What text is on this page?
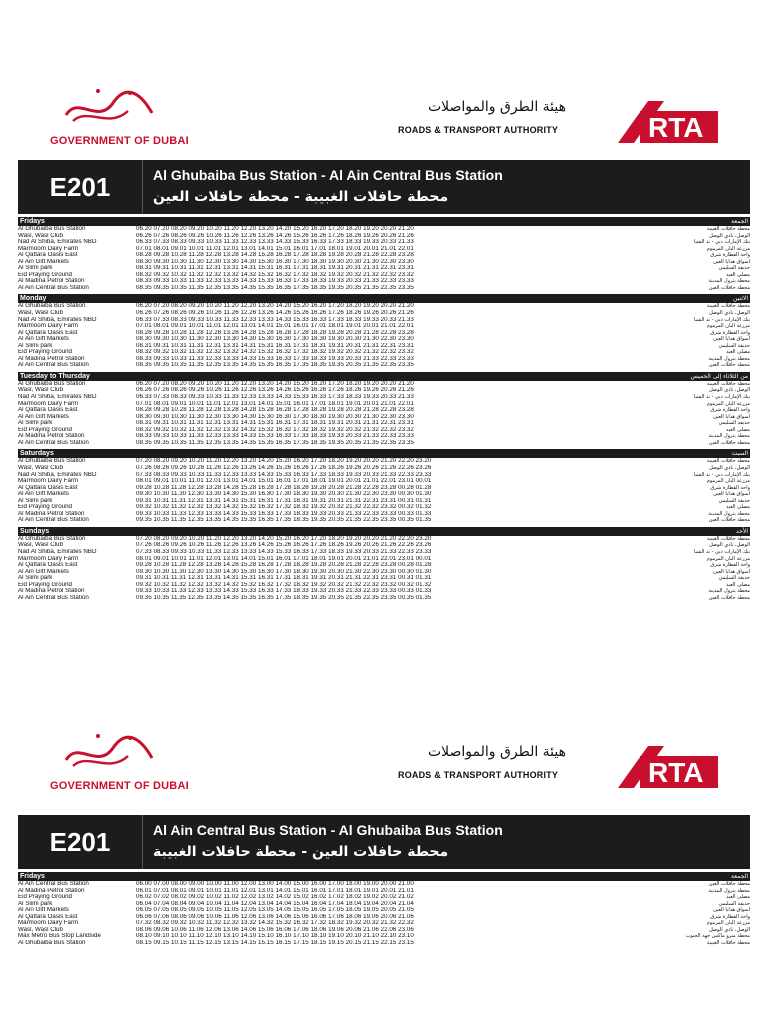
GOVERNMENT OF DUBAI
هيئة الطرق والمواصلات
ROADS & TRANSPORT AUTHORITY	RTA
E201	Al Ghubaiba Bus Station - Al Ain Central Bus Station
محطة حافلات الغبيبة - محطة حافلات العين
Fridays	الجمعة
Al Ghubaiba Bus Station	06.20 07.20 08.20 09.20 10.20 11.20 12.20 13.20 14.20 15.20 16.20 17.20 18.20 19.20 20.20 21.20	محطة حافلات الغبيبة
Wasl, Wasl Club	06.26 07.26 08.26 09.26 10.26 11.26 12.26 13.26 14.26 15.26 16.26 17.26 18.26 19.26 20.26 21.26	الوصل، نادي الوصل
Nad Al Shiba, Emirates NBD	06.33 07.33 08.33 09.33 10.33 11.33 12.33 13.33 14.33 15.33 16.33 17.33 18.33 19.33 20.33 21.33	بنك الإمارات دبي - ند الشبا
Marmoom Dairy Farm	07.01 08.01 09.01 10.01 11.01 12.01 13.01 14.01 15.01 16.01 17.01 18.01 19.01 20.01 21.01 22.01	مزرعة ألبان المرموم
Al Qattara Oasis East	08.28 09.28 10.28 11.28 12.28 13.28 14.28 15.28 16.28 17.28 18.28 19.28 20.28 21.28 22.28 23.28	واحة القطارة شرق
Al Ain Gift Markets	08.30 09.30 10.30 11.30 12.30 13.30 14.30 15.30 16.30 17.30 18.30 19.30 20.30 21.30 22.30 23.30	أسواق هدايا العين
Al Slimi park	08.31 09.31 10.31 11.31 12.31 13.31 14.31 15.31 16.31 17.31 18.31 19.31 20.31 21.31 22.31 23.31	حديقة السليمي
Eid Praying Ground	08.32 09.32 10.32 11.32 12.32 13.32 14.32 15.32 16.32 17.32 18.32 19.32 20.32 21.32 22.32 23.32	مصلى العيد
Al Madina Petrol Station	08.33 09.33 10.33 11.33 12.33 13.33 14.33 15.33 16.33 17.33 18.33 19.33 20.33 21.33 22.33 23.33	محطة بترول المدينة
Al Ain Central Bus Station	08.35 09.35 10.35 11.35 12.35 13.35 14.35 15.35 16.35 17.35 18.35 19.35 20.35 21.35 22.35 23.35	محطة حافلات العين
Monday	الاثنين
Al Ghubaiba Bus Station	06.20 07.20 08.20 09.20 10.20 11.20 12.20 13.20 14.20 15.20 16.20 17.20 18.20 19.20 20.20 21.20	محطة حافلات الغبيبة
Wasl, Wasl Club	06.26 07.26 08.26 09.26 10.26 11.26 12.26 13.26 14.26 15.26 16.26 17.26 18.26 19.26 20.26 21.26	الوصل، نادي الوصل
Nad Al Shiba, Emirates NBD	06.33 07.33 08.33 09.33 10.33 11.33 12.33 13.33 14.33 15.33 16.33 17.33 18.33 19.33 20.33 21.33	بنك الإمارات دبي - ند الشبا
Marmoom Dairy Farm	07.01 08.01 09.01 10.01 11.01 12.01 13.01 14.01 15.01 16.01 17.01 18.01 19.01 20.01 21.01 22.01	مزرعة ألبان المرموم
Al Qattara Oasis East	08.28 09.28 10.28 11.28 12.28 13.28 14.28 15.28 16.28 17.28 18.28 19.28 20.28 21.28 22.28 23.28	واحة القطارة شرق
Al Ain Gift Markets	08.30 09.30 10.30 11.30 12.30 13.30 14.30 15.30 16.30 17.30 18.30 19.30 20.30 21.30 22.30 23.30	أسواق هدايا العين
Al Slimi park	08.31 09.31 10.31 11.31 12.31 13.31 14.31 15.31 16.31 17.31 18.31 19.31 20.31 21.31 22.31 23.31	حديقة السليمي
Eid Praying Ground	08.32 09.32 10.32 11.32 12.32 13.32 14.32 15.32 16.32 17.32 18.32 19.32 20.32 21.32 22.32 23.32	مصلى العيد
Al Madina Petrol Station	08.33 09.33 10.33 11.33 12.33 13.33 14.33 15.33 16.33 17.33 18.33 19.33 20.33 21.33 22.33 23.33	محطة بترول المدينة
Al Ain Central Bus Station	08.35 09.35 10.35 11.35 12.35 13.35 14.35 15.35 16.35 17.35 18.35 19.35 20.35 21.35 22.35 23.35	محطة حافلات العين
Tuesday to Thursday	من الثلاثاء إلى الخميس
Al Ghubaiba Bus Station	06.20 07.20 08.20 09.20 10.20 11.20 12.20 13.20 14.20 15.20 16.20 17.20 18.20 19.20 20.20 21.20	محطة حافلات الغبيبة
Wasl, Wasl Club	06.26 07.26 08.26 09.26 10.26 11.26 12.26 13.26 14.26 15.26 16.26 17.26 18.26 19.26 20.26 21.26	الوصل، نادي الوصل
Nad Al Shiba, Emirates NBD	06.33 07.33 08.33 09.33 10.33 11.33 12.33 13.33 14.33 15.33 16.33 17.33 18.33 19.33 20.33 21.33	بنك الإمارات دبي - ند الشبا
Marmoom Dairy Farm	07.01 08.01 09.01 10.01 11.01 12.01 13.01 14.01 15.01 16.01 17.01 18.01 19.01 20.01 21.01 22.01	مزرعة ألبان المرموم
Al Qattara Oasis East	08.28 09.28 10.28 11.28 12.28 13.28 14.28 15.28 16.28 17.28 18.28 19.28 20.28 21.28 22.28 23.28	واحة القطارة شرق
Al Ain Gift Markets	08.30 09.30 10.30 11.30 12.30 13.30 14.30 15.30 16.30 17.30 18.30 19.30 20.30 21.30 22.30 23.30	أسواق هدايا العين
Al Slimi park	08.31 09.31 10.31 11.31 12.31 13.31 14.31 15.31 16.31 17.31 18.31 19.31 20.31 21.31 22.31 23.31	حديقة السليمي
Eid Praying Ground	08.32 09.32 10.32 11.32 12.32 13.32 14.32 15.32 16.32 17.32 18.32 19.32 20.32 21.32 22.32 23.32	مصلى العيد
Al Madina Petrol Station	08.33 09.33 10.33 11.33 12.33 13.33 14.33 15.33 16.33 17.33 18.33 19.33 20.33 21.33 22.33 23.33	محطة بترول المدينة
Al Ain Central Bus Station	08.35 09.35 10.35 11.35 12.35 13.35 14.35 15.35 16.35 17.35 18.35 19.35 20.35 21.35 22.35 23.35	محطة حافلات العين
Saturdays	السبت
Al Ghubaiba Bus Station	07.20 08.20 09.20 10.20 11.20 12.20 13.20 14.20 15.20 16.20 17.20 18.20 19.20 20.20 21.20 22.20 23.20	محطة حافلات الغبيبة
Wasl, Wasl Club	07.26 08.26 09.26 10.26 11.26 12.26 13.26 14.26 15.26 16.26 17.26 18.26 19.26 20.26 21.26 22.26 23.26	الوصل، نادي الوصل
Nad Al Shiba, Emirates NBD	07.33 08.33 09.33 10.33 11.33 12.33 13.33 14.33 15.33 16.33 17.33 18.33 19.33 20.33 21.33 22.33 23.33	بنك الإمارات دبي - ند الشبا
Marmoom Dairy Farm	08.01 09.01 10.01 11.01 12.01 13.01 14.01 15.01 16.01 17.01 18.01 19.01 20.01 21.01 22.01 23.01 00.01	مزرعة ألبان المرموم
Al Qattara Oasis East	09.28 10.28 11.28 12.28 13.28 14.28 15.28 16.28 17.28 18.28 19.28 20.28 21.28 22.28 23.28 00.28 01.28	واحة القطارة شرق
Al Ain Gift Markets	09.30 10.30 11.30 12.30 13.30 14.30 15.30 16.30 17.30 18.30 19.30 20.30 21.30 22.30 23.30 00.30 01.30	أسواق هدايا العين
Al Slimi park	09.31 10.31 11.31 12.31 13.31 14.31 15.31 16.31 17.31 18.31 19.31 20.31 21.31 22.31 23.31 00.31 01.31	حديقة السليمي
Eid Praying Ground	09.32 10.32 11.32 12.32 13.32 14.32 15.32 16.32 17.32 18.32 19.32 20.32 21.32 22.32 23.32 00.32 01.32	مصلى العيد
Al Madina Petrol Station	09.33 10.33 11.33 12.33 13.33 14.33 15.33 16.33 17.33 18.33 19.33 20.33 21.33 22.33 23.33 00.33 01.33	محطة بترول المدينة
Al Ain Central Bus Station	09.35 10.35 11.35 12.35 13.35 14.35 15.35 16.35 17.35 18.35 19.35 20.35 21.35 22.35 23.35 00.35 01.35	محطة حافلات العين
Sundays	الأحد
Al Ghubaiba Bus Station	07.20 08.20 09.20 10.20 11.20 12.20 13.20 14.20 15.20 16.20 17.20 18.20 19.20 20.20 21.20 22.20 23.20	محطة حافلات الغبيبة
Wasl, Wasl Club	07.26 08.26 09.26 10.26 11.26 12.26 13.26 14.26 15.26 16.26 17.26 18.26 19.26 20.26 21.26 22.26 23.26	الوصل، نادي الوصل
Nad Al Shiba, Emirates NBD	07.33 08.33 09.33 10.33 11.33 12.33 13.33 14.33 15.33 16.33 17.33 18.33 19.33 20.33 21.33 22.33 23.33	بنك الإمارات دبي - ند الشبا
Marmoom Dairy Farm	08.01 09.01 10.01 11.01 12.01 13.01 14.01 15.01 16.01 17.01 18.01 19.01 20.01 21.01 22.01 23.01 00.01	مزرعة ألبان المرموم
Al Qattara Oasis East	09.28 10.28 11.28 12.28 13.28 14.28 15.28 16.28 17.28 18.28 19.28 20.28 21.28 22.28 23.28 00.28 01.28	واحة القطارة شرق
Al Ain Gift Markets	09.30 10.30 11.30 12.30 13.30 14.30 15.30 16.30 17.30 18.30 19.30 20.30 21.30 22.30 23.30 00.30 01.30	أسواق هدايا العين
Al Slimi park	09.31 10.31 11.31 12.31 13.31 14.31 15.31 16.31 17.31 18.31 19.31 20.31 21.31 22.31 23.31 00.31 01.31	حديقة السليمي
Eid Praying Ground	09.32 10.32 11.32 12.32 13.32 14.32 15.32 16.32 17.32 18.32 19.32 20.32 21.32 22.32 23.32 00.32 01.32	مصلى العيد
Al Madina Petrol Station	09.33 10.33 11.33 12.33 13.33 14.33 15.33 16.33 17.33 18.33 19.33 20.33 21.33 22.33 23.33 00.33 01.33	محطة بترول المدينة
Al Ain Central Bus Station	09.35 10.35 11.35 12.35 13.35 14.35 15.35 16.35 17.35 18.35 19.35 20.35 21.35 22.35 23.35 00.35 01.35	محطة حافلات العين
GOVERNMENT OF DUBAI
هيئة الطرق والمواصلات
ROADS & TRANSPORT AUTHORITY	RTA
E201	Al Ain Central Bus Station - Al Ghubaiba Bus Station
محطة حافلات العين - محطة حافلات الغبيبة
Fridays	الجمعة
Al Ain Central Bus Station	06.00 07.00 08.00 09.00 10.00 11.00 12.00 13.00 14.00 15.00 16.00 17.00 18.00 19.00 20.00 21.00	محطة حافلات العين
Al Madina Petrol Station	06.01 07.01 08.01 09.01 10.01 11.01 12.01 13.01 14.01 15.01 16.01 17.01 18.01 19.01 20.01 21.01	محطة بترول المدينة
Eid Praying Ground	06.02 07.02 08.02 09.02 10.02 11.02 12.02 13.02 14.02 15.02 16.02 17.02 18.02 19.02 20.02 21.02	مصلى العيد
Al Slimi park	06.04 07.04 08.04 09.04 10.04 11.04 12.04 13.04 14.04 15.04 16.04 17.04 18.04 19.04 20.04 21.04	حديقة السليمي
Al Ain Gift Markets	06.05 07.05 08.05 09.05 10.05 11.05 12.05 13.05 14.05 15.05 16.05 17.05 18.05 19.05 20.05 21.05	أسواق هدايا العين
Al Qattara Oasis East	06.06 07.06 08.06 09.06 10.06 11.06 12.06 13.06 14.06 15.06 16.06 17.06 18.06 19.06 20.06 21.06	واحة القطارة شرق
Marmoom Dairy Farm	07.32 08.32 09.32 10.32 11.32 12.32 13.32 14.32 15.32 16.32 17.32 18.32 19.32 20.32 21.32 22.32	مزرعة ألبان المرموم
Wasl, Wasl Club	08.06 09.06 10.06 11.06 12.06 13.06 14.06 15.06 16.06 17.06 18.06 19.06 20.06 21.06 22.06 23.06	الوصل، نادي الوصل
Max Metro Bus Stop Landside	08.10 09.10 10.10 11.10 12.10 13.10 14.10 15.10 16.10 17.10 18.10 19.10 20.10 21.10 22.10 23.10	محطة مترو ماكس جهة الجنوب
Al Ghubaiba Bus Station	08.15 09.15 10.15 11.15 12.15 13.15 14.15 15.15 16.15 17.15 18.15 19.15 20.15 21.15 22.15 23.15	محطة حافلات الغبيبة
